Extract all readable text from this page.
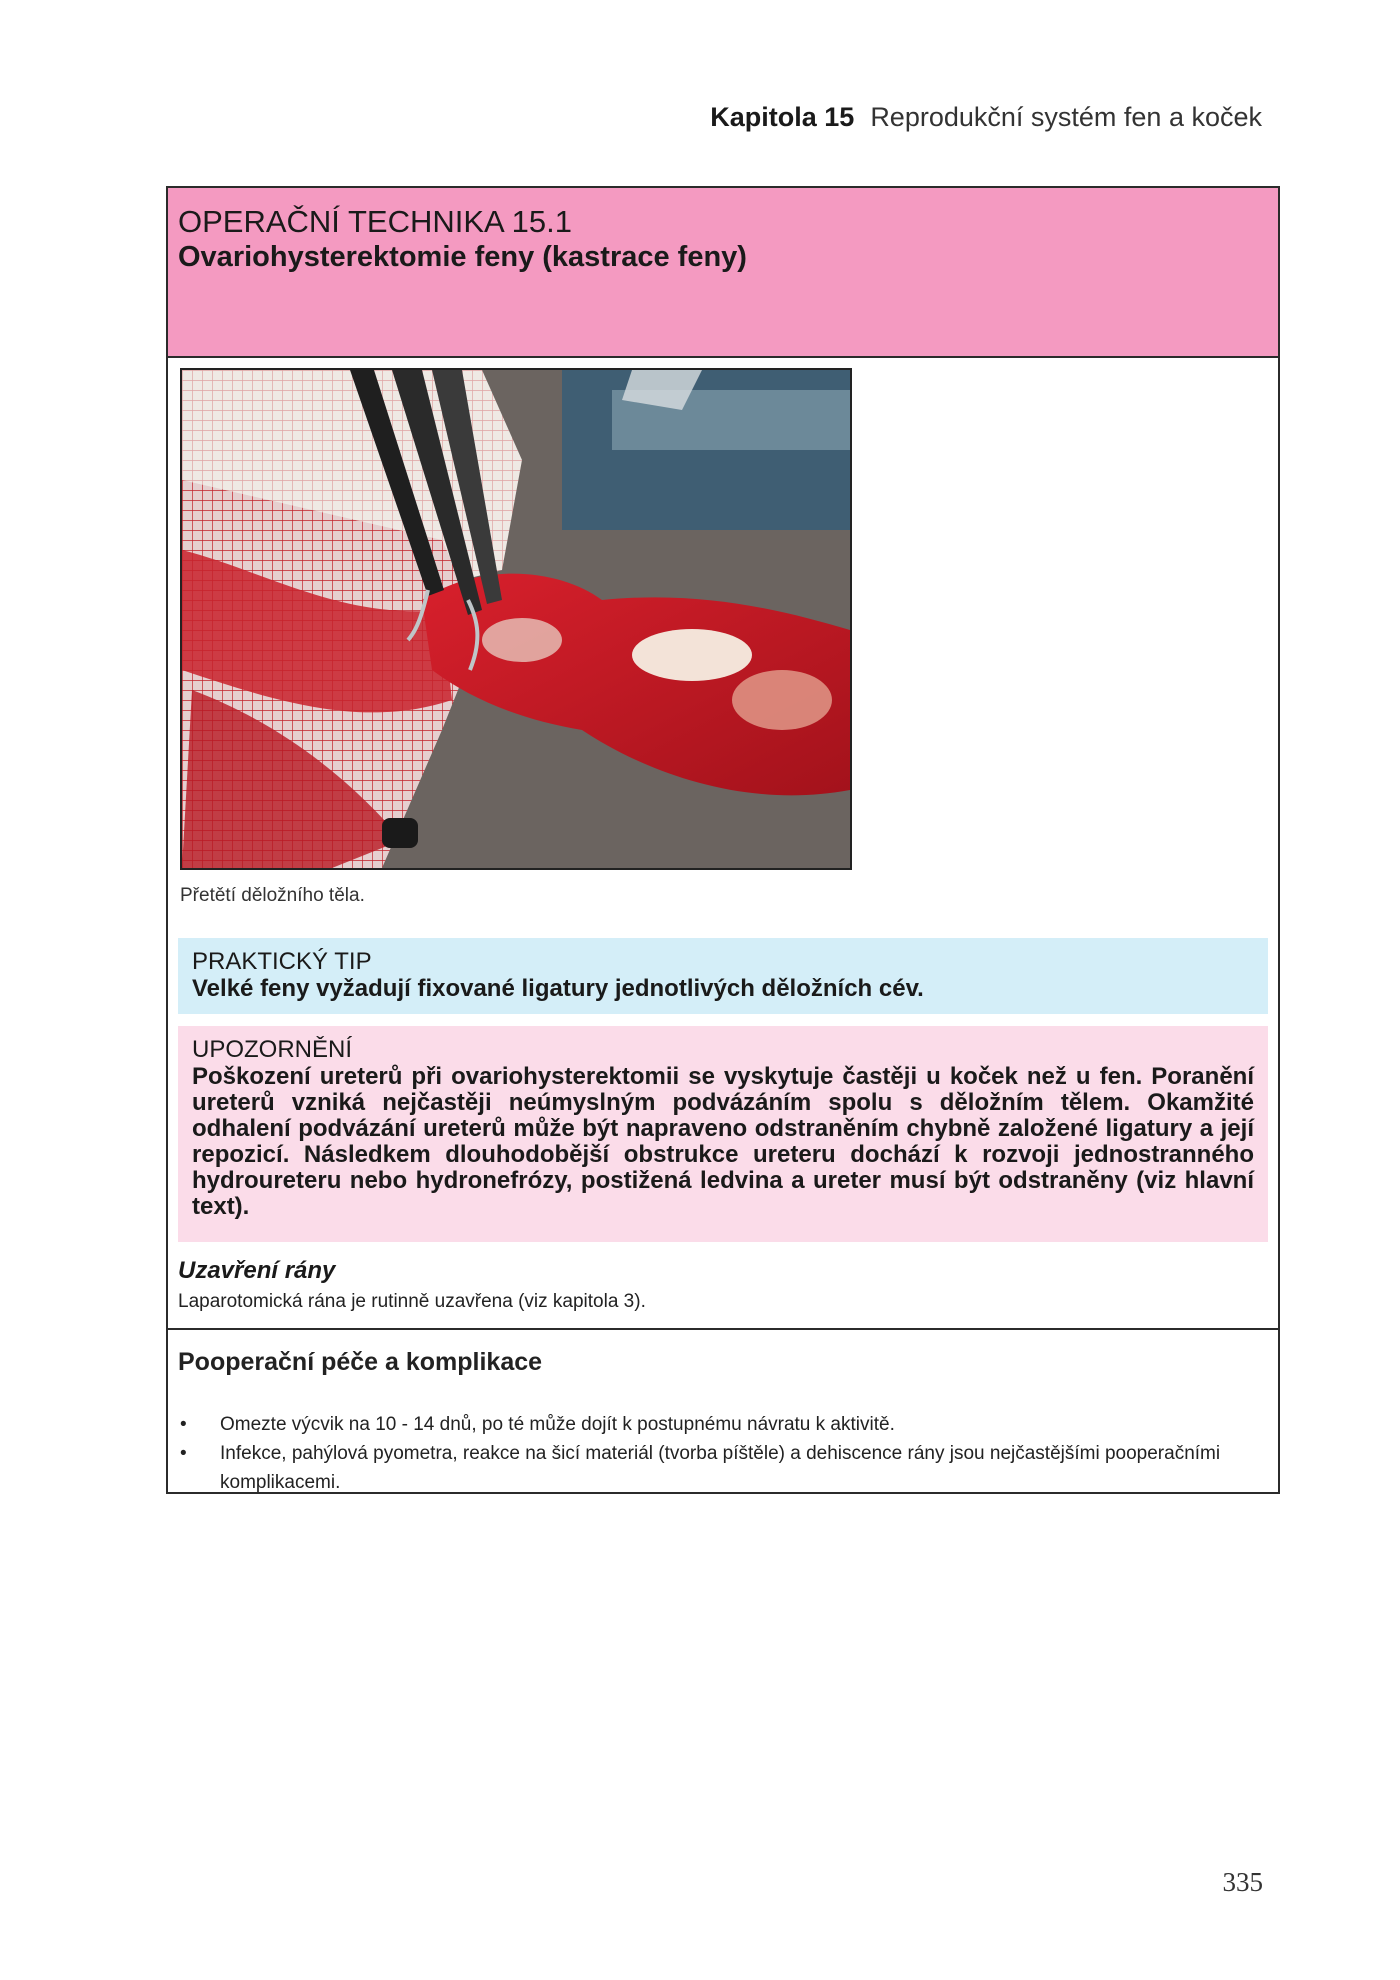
Kapitola 15 Reprodukční systém fen a koček
OPERAČNÍ TECHNIKA 15.1
Ovariohysterektomie feny (kastrace feny)
Přetětí děložního těla.
PRAKTICKÝ TIP
Velké feny vyžadují fixované ligatury jednotlivých děložních cév.
UPOZORNĚNÍ
Poškození ureterů při ovariohysterektomii se vyskytuje častěji u koček než u fen. Poranění ureterů vzniká nejčastěji neúmyslným podvázáním spolu s děložním tělem. Okamžité odhalení podvázání ureterů může být napraveno odstraněním chybně založené ligatury a její repozicí. Následkem dlouhodobější obstrukce ureteru dochází k rozvoji jednostranného hydroureteru nebo hydronefrózy, postižená ledvina a ureter musí být odstraněny (viz hlavní text).
Uzavření rány
Laparotomická rána je rutinně uzavřena (viz kapitola 3).
Pooperační péče a komplikace
• Omezte výcvik na 10 - 14 dnů, po té může dojít k postupnému návratu k aktivitě.
• Infekce, pahýlová pyometra, reakce na šicí materiál (tvorba píštěle) a dehiscence rány jsou nejčastějšími pooperačními komplikacemi.
335
